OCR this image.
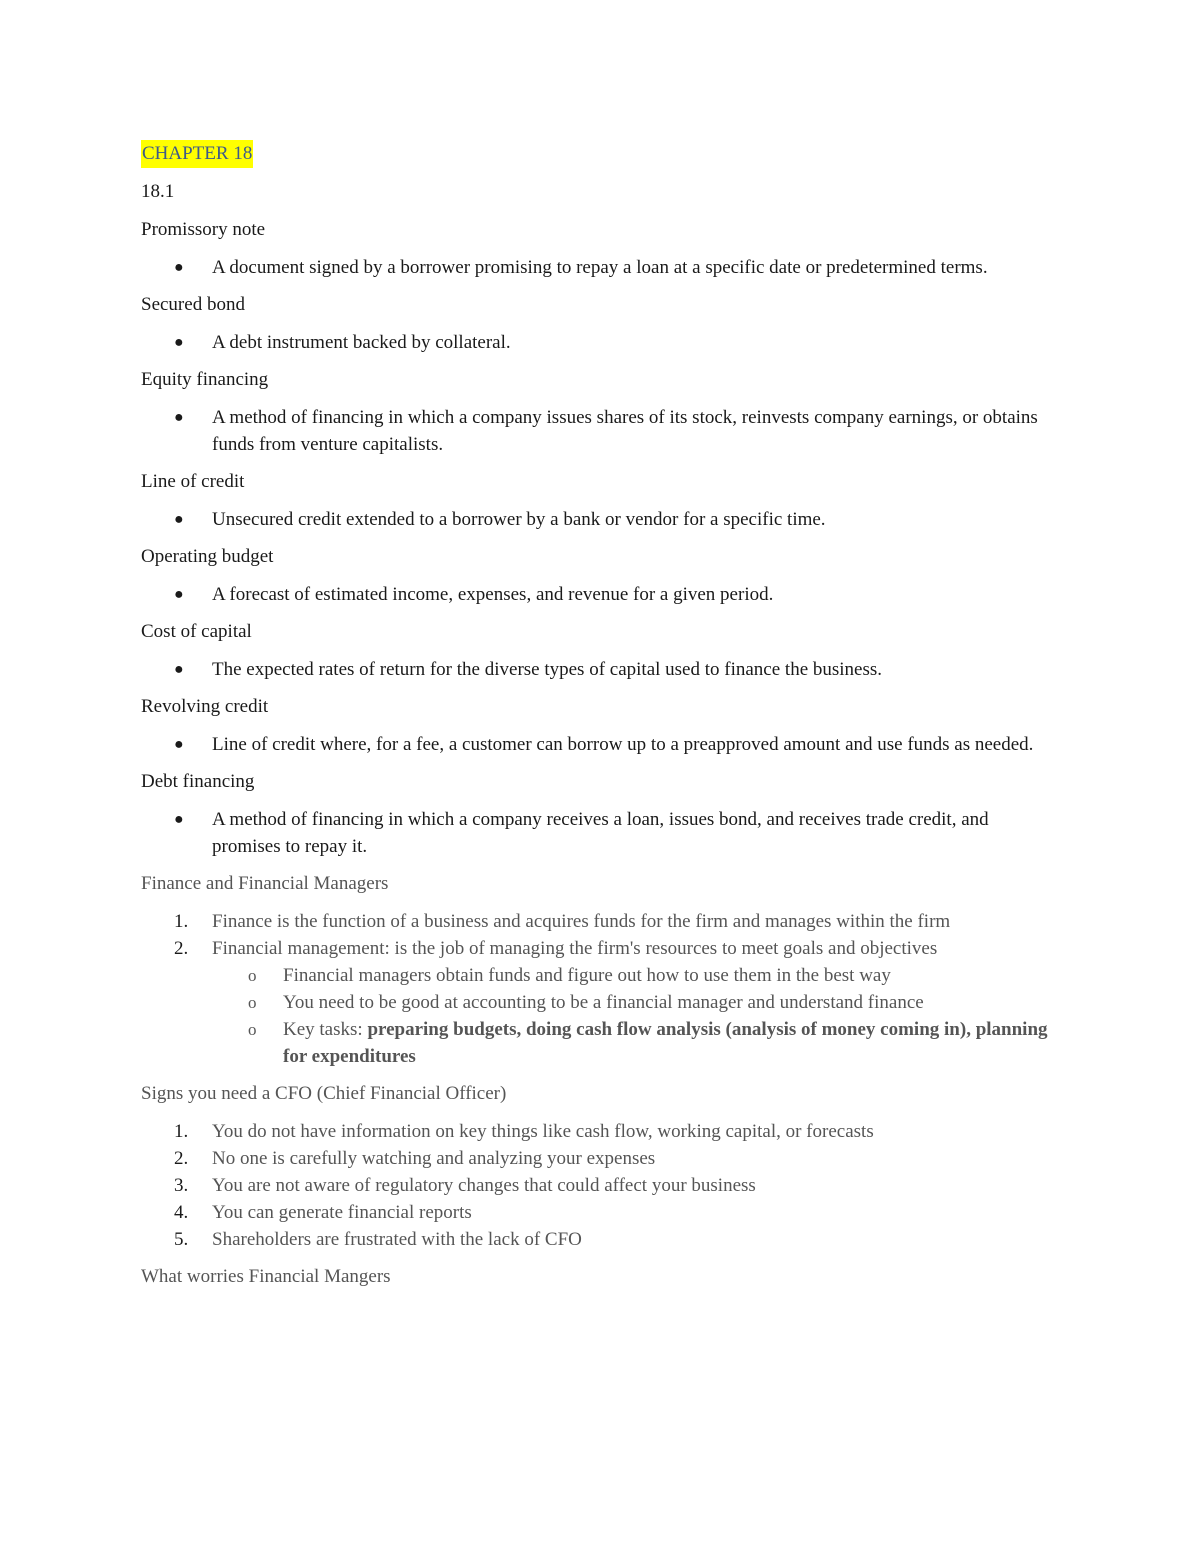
CHAPTER 18

18.1

Promissory note

● A document signed by a borrower promising to repay a loan at a specific date or predetermined terms.

Secured bond

● A debt instrument backed by collateral.

Equity financing

● A method of financing in which a company issues shares of its stock, reinvests company earnings, or obtains funds from venture capitalists.

Line of credit

● Unsecured credit extended to a borrower by a bank or vendor for a specific time.

Operating budget

● A forecast of estimated income, expenses, and revenue for a given period.

Cost of capital

● The expected rates of return for the diverse types of capital used to finance the business.

Revolving credit

● Line of credit where, for a fee, a customer can borrow up to a preapproved amount and use funds as needed.

Debt financing

● A method of financing in which a company receives a loan, issues bond, and receives trade credit, and promises to repay it.

Finance and Financial Managers

1. Finance is the function of a business and acquires funds for the firm and manages within the firm
2. Financial management: is the job of managing the firm's resources to meet goals and objectives
o Financial managers obtain funds and figure out how to use them in the best way
o You need to be good at accounting to be a financial manager and understand finance
o Key tasks: preparing budgets, doing cash flow analysis (analysis of money coming in), planning for expenditures

Signs you need a CFO (Chief Financial Officer)

1. You do not have information on key things like cash flow, working capital, or forecasts
2. No one is carefully watching and analyzing your expenses
3. You are not aware of regulatory changes that could affect your business
4. You can generate financial reports
5. Shareholders are frustrated with the lack of CFO

What worries Financial Mangers
